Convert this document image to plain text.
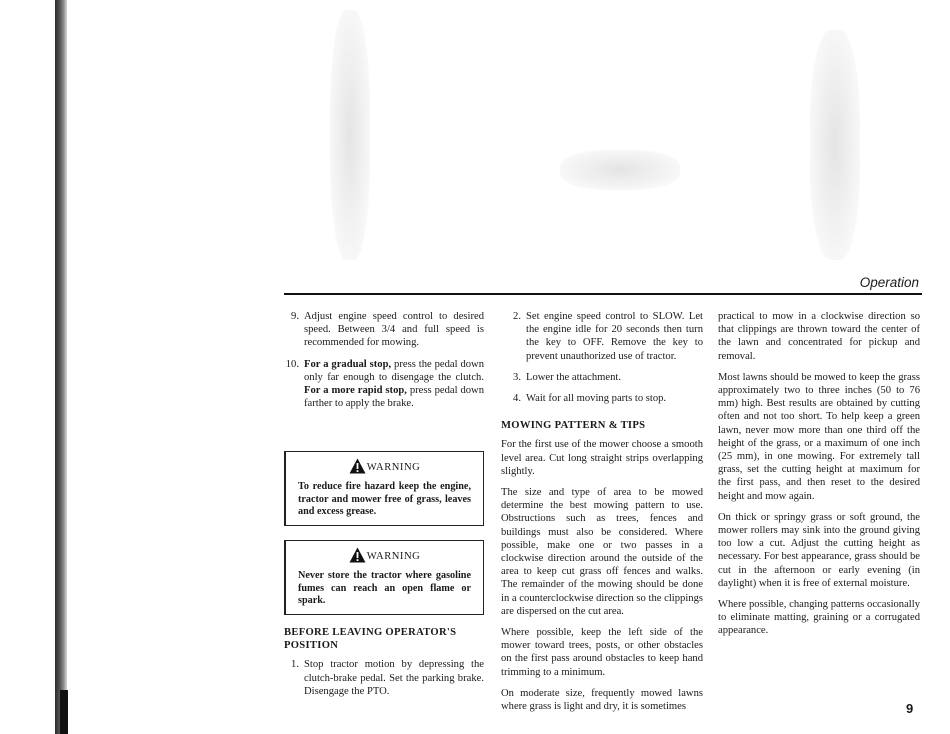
Operation
9. Adjust engine speed control to desired speed. Between 3/4 and full speed is recommended for mowing.
10. For a gradual stop, press the pedal down only far enough to disengage the clutch. For a more rapid stop, press pedal down farther to apply the brake.
WARNING
To reduce fire hazard keep the engine, tractor and mower free of grass, leaves and excess grease.
WARNING
Never store the tractor where gasoline fumes can reach an open flame or spark.
BEFORE LEAVING OPERATOR'S POSITION
1. Stop tractor motion by depressing the clutch-brake pedal. Set the parking brake. Disengage the PTO.
2. Set engine speed control to SLOW. Let the engine idle for 20 seconds then turn the key to OFF. Remove the key to prevent unauthorized use of tractor.
3. Lower the attachment.
4. Wait for all moving parts to stop.
MOWING PATTERN & TIPS

For the first use of the mower choose a smooth level area. Cut long straight strips overlapping slightly.

The size and type of area to be mowed determine the best mowing pattern to use. Obstructions such as trees, fences and buildings must also be considered. Where possible, make one or two passes in a clockwise direction around the outside of the area to keep cut grass off fences and walks. The remainder of the mowing should be done in a counterclockwise direction so the clippings are dispersed on the cut area.

Where possible, keep the left side of the mower toward trees, posts, or other obstacles on the first pass around obstacles to keep hand trimming to a minimum.

On moderate size, frequently mowed lawns where grass is light and dry, it is sometimes

practical to mow in a clockwise direction so that clippings are thrown toward the center of the lawn and concentrated for pickup and removal.

Most lawns should be mowed to keep the grass approximately two to three inches (50 to 76 mm) high. Best results are obtained by cutting often and not too short. To help keep a green lawn, never mow more than one third off the height of the grass, or a maximum of one inch (25 mm), in one mowing. For extremely tall grass, set the cutting height at maximum for the first pass, and then reset to the desired height and mow again.

On thick or springy grass or soft ground, the mower rollers may sink into the ground giving too low a cut. Adjust the cutting height as necessary. For best appearance, grass should be cut in the afternoon or early evening (in daylight) when it is free of external moisture.

Where possible, changing patterns occasionally to eliminate matting, graining or a corrugated appearance.

9
